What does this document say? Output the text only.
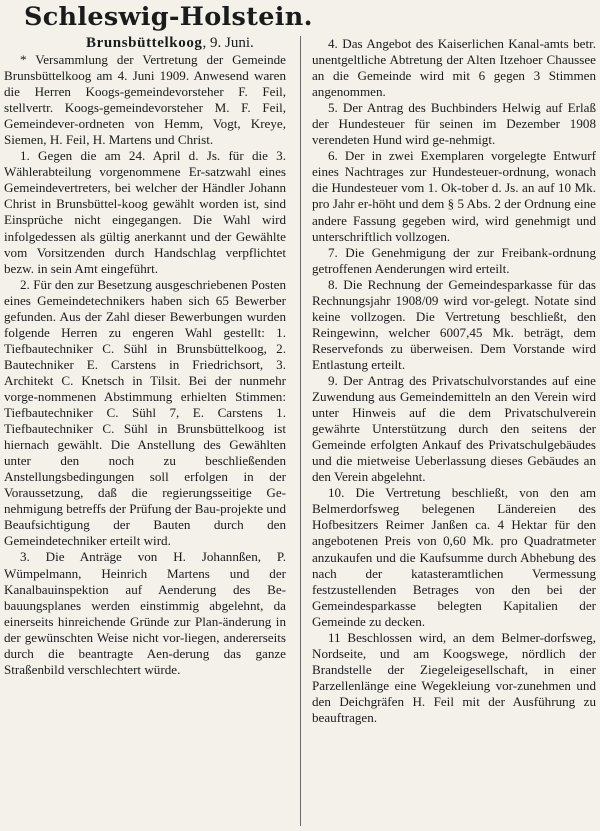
Schleswig-Holstein.
Brunsbüttelkoog, 9. Juni.

* Versammlung der Vertretung der Gemeinde Brunsbüttelkoog am 4. Juni 1909. Anwesend waren die Herren Koogs-gemeindevorsteher F. Feil, stellvertr. Koogs-gemeindevorsteher M. F. Feil, Gemeindever-ordneten von Hemm, Vogt, Kreye, Siemen, H. Feil, H. Martens und Christ.

1. Gegen die am 24. April d. Js. für die 3. Wählerabteilung vorgenommene Er-satzwahl eines Gemeindevertreters, bei welcher der Händler Johann Christ in Brunsbüttel-koog gewählt worden ist, sind Einsprüche nicht eingegangen. Die Wahl wird infolgedessen als gültig anerkannt und der Gewählte vom Vorsitzenden durch Handschlag verpflichtet bezw. in sein Amt eingeführt.

2. Für den zur Besetzung ausgeschriebenen Posten eines Gemeindetechnikers haben sich 65 Bewerber gefunden. Aus der Zahl dieser Bewerbungen wurden folgende Herren zu engeren Wahl gestellt: 1. Tiefbautechniker C. Sühl in Brunsbüttelkoog, 2. Bautechniker E. Carstens in Friedrichsort, 3. Architekt C. Knetsch in Tilsit. Bei der nunmehr vorge-nommenen Abstimmung erhielten Stimmen: Tiefbautechniker C. Sühl 7, E. Carstens 1. Tiefbautechniker C. Sühl in Brunsbüttelkoog ist hiernach gewählt. Die Anstellung des Gewählten unter den noch zu beschließenden Anstellungsbedingungen soll erfolgen in der Voraussetzung, daß die regierungsseitige Ge-nehmigung betreffs der Prüfung der Bau-projekte und Beaufsichtigung der Bauten durch den Gemeindetechniker erteilt wird.

3. Die Anträge von H. Johannßen, P. Wümpelmann, Heinrich Martens und der Kanalbauinspektion auf Aenderung des Be-bauungsplanes werden einstimmig abgelehnt, da einerseits hinreichende Gründe zur Plan-änderung in der gewünschten Weise nicht vor-liegen, andererseits durch die beantragte Aen-derung das ganze Straßenbild verschlechtert würde.

4. Das Angebot des Kaiserlichen Kanal-amts betr. unentgeltliche Abtretung der Alten Itzehoer Chaussee an die Gemeinde wird mit 6 gegen 3 Stimmen angenommen.

5. Der Antrag des Buchbinders Helwig auf Erlaß der Hundesteuer für seinen im Dezember 1908 verendeten Hund wird ge-nehmigt.

6. Der in zwei Exemplaren vorgelegte Entwurf eines Nachtrages zur Hundesteuer-ordnung, wonach die Hundesteuer vom 1. Ok-tober d. Js. an auf 10 Mk. pro Jahr er-höht und dem § 5 Abs. 2 der Ordnung eine andere Fassung gegeben wird, wird genehmigt und unterschriftlich vollzogen.

7. Die Genehmigung der zur Freibank-ordnung getroffenen Aenderungen wird erteilt.

8. Die Rechnung der Gemeindesparkasse für das Rechnungsjahr 1908/09 wird vor-gelegt. Notate sind keine vollzogen. Die Vertretung beschließt, den Reingewinn, welcher 6007,45 Mk. beträgt, dem Reservefonds zu überweisen. Dem Vorstande wird Entlastung erteilt.

9. Der Antrag des Privatschulvorstandes auf eine Zuwendung aus Gemeindemitteln an den Verein wird unter Hinweis auf die dem Privatschulverein gewährte Unterstützung durch den seitens der Gemeinde erfolgten Ankauf des Privatschulgebäudes und die mietweise Ueberlassung dieses Gebäudes an den Verein abgelehnt.

10. Die Vertretung beschließt, von den am Belmerdorfsweg belegenen Ländereien des Hofbesitzers Reimer Janßen ca. 4 Hektar für den angebotenen Preis von 0,60 Mk. pro Quadratmeter anzukaufen und die Kaufsumme durch Abhebung des nach der katasteramtlichen Vermessung festzustellenden Betrages von den bei der Gemeindesparkasse belegten Kapitalien der Gemeinde zu decken.

11 Beschlossen wird, an dem Belmer-dorfsweg, Nordseite, und am Koogswege, nördlich der Brandstelle der Ziegeleigesellschaft, in einer Parzellenlänge eine Wegekleiung vor-zunehmen und den Deichgräfen H. Feil mit der Ausführung zu beauftragen.
